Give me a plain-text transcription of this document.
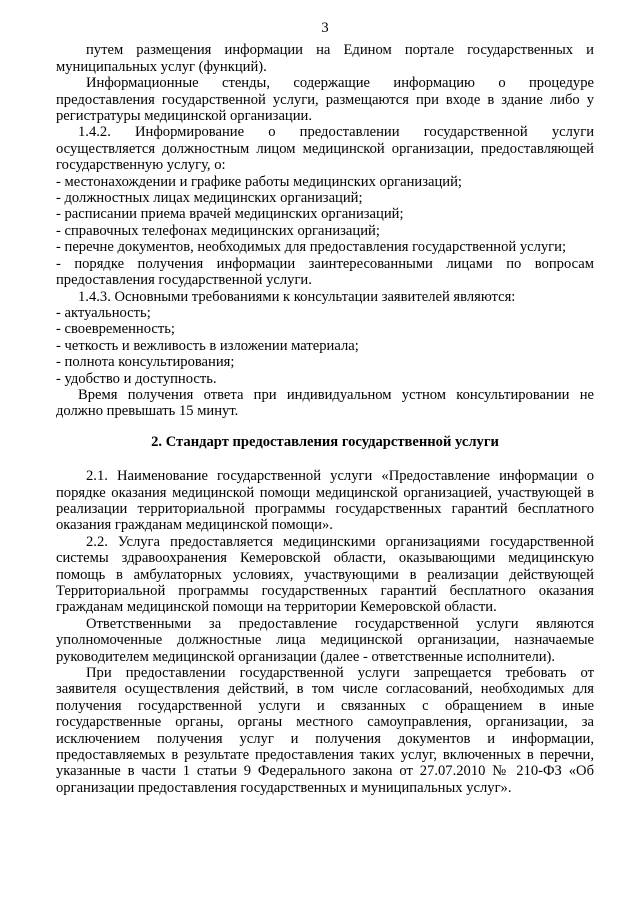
3

путем размещения информации на Едином портале государственных и муниципальных услуг (функций).

Информационные стенды, содержащие информацию о процедуре предоставления государственной услуги, размещаются при входе в здание либо у регистратуры медицинской организации.

1.4.2. Информирование о предоставлении государственной услуги осуществляется должностным лицом медицинской организации, предоставляющей государственную услугу, о:

- местонахождении и графике работы медицинских организаций;

- должностных лицах медицинских организаций;

- расписании приема врачей медицинских организаций;

- справочных телефонах медицинских организаций;

- перечне документов, необходимых для предоставления государственной услуги;

- порядке получения информации заинтересованными лицами по вопросам предоставления государственной услуги.

1.4.3. Основными требованиями к консультации заявителей являются:

- актуальность;

- своевременность;

- четкость и вежливость в изложении материала;

- полнота консультирования;

- удобство и доступность.

Время получения ответа при индивидуальном устном консультировании не должно превышать 15 минут.

2. Стандарт предоставления государственной услуги

2.1. Наименование государственной услуги «Предоставление информации о порядке оказания медицинской помощи медицинской организацией, участвующей в реализации территориальной программы государственных гарантий бесплатного оказания гражданам медицинской помощи».

2.2. Услуга предоставляется медицинскими организациями государственной системы здравоохранения Кемеровской области, оказывающими медицинскую помощь в амбулаторных условиях, участвующими в реализации действующей Территориальной программы государственных гарантий бесплатного оказания гражданам медицинской помощи на территории Кемеровской области.

Ответственными за предоставление государственной услуги являются уполномоченные должностные лица медицинской организации, назначаемые руководителем медицинской организации (далее - ответственные исполнители).

При предоставлении государственной услуги запрещается требовать от заявителя осуществления действий, в том числе согласований, необходимых для получения государственной услуги и связанных с обращением в иные государственные органы, органы местного самоуправления, организации, за исключением получения услуг и получения документов и информации, предоставляемых в результате предоставления таких услуг, включенных в перечни, указанные в части 1 статьи 9 Федерального закона от 27.07.2010 № 210-ФЗ «Об организации предоставления государственных и муниципальных услуг».
